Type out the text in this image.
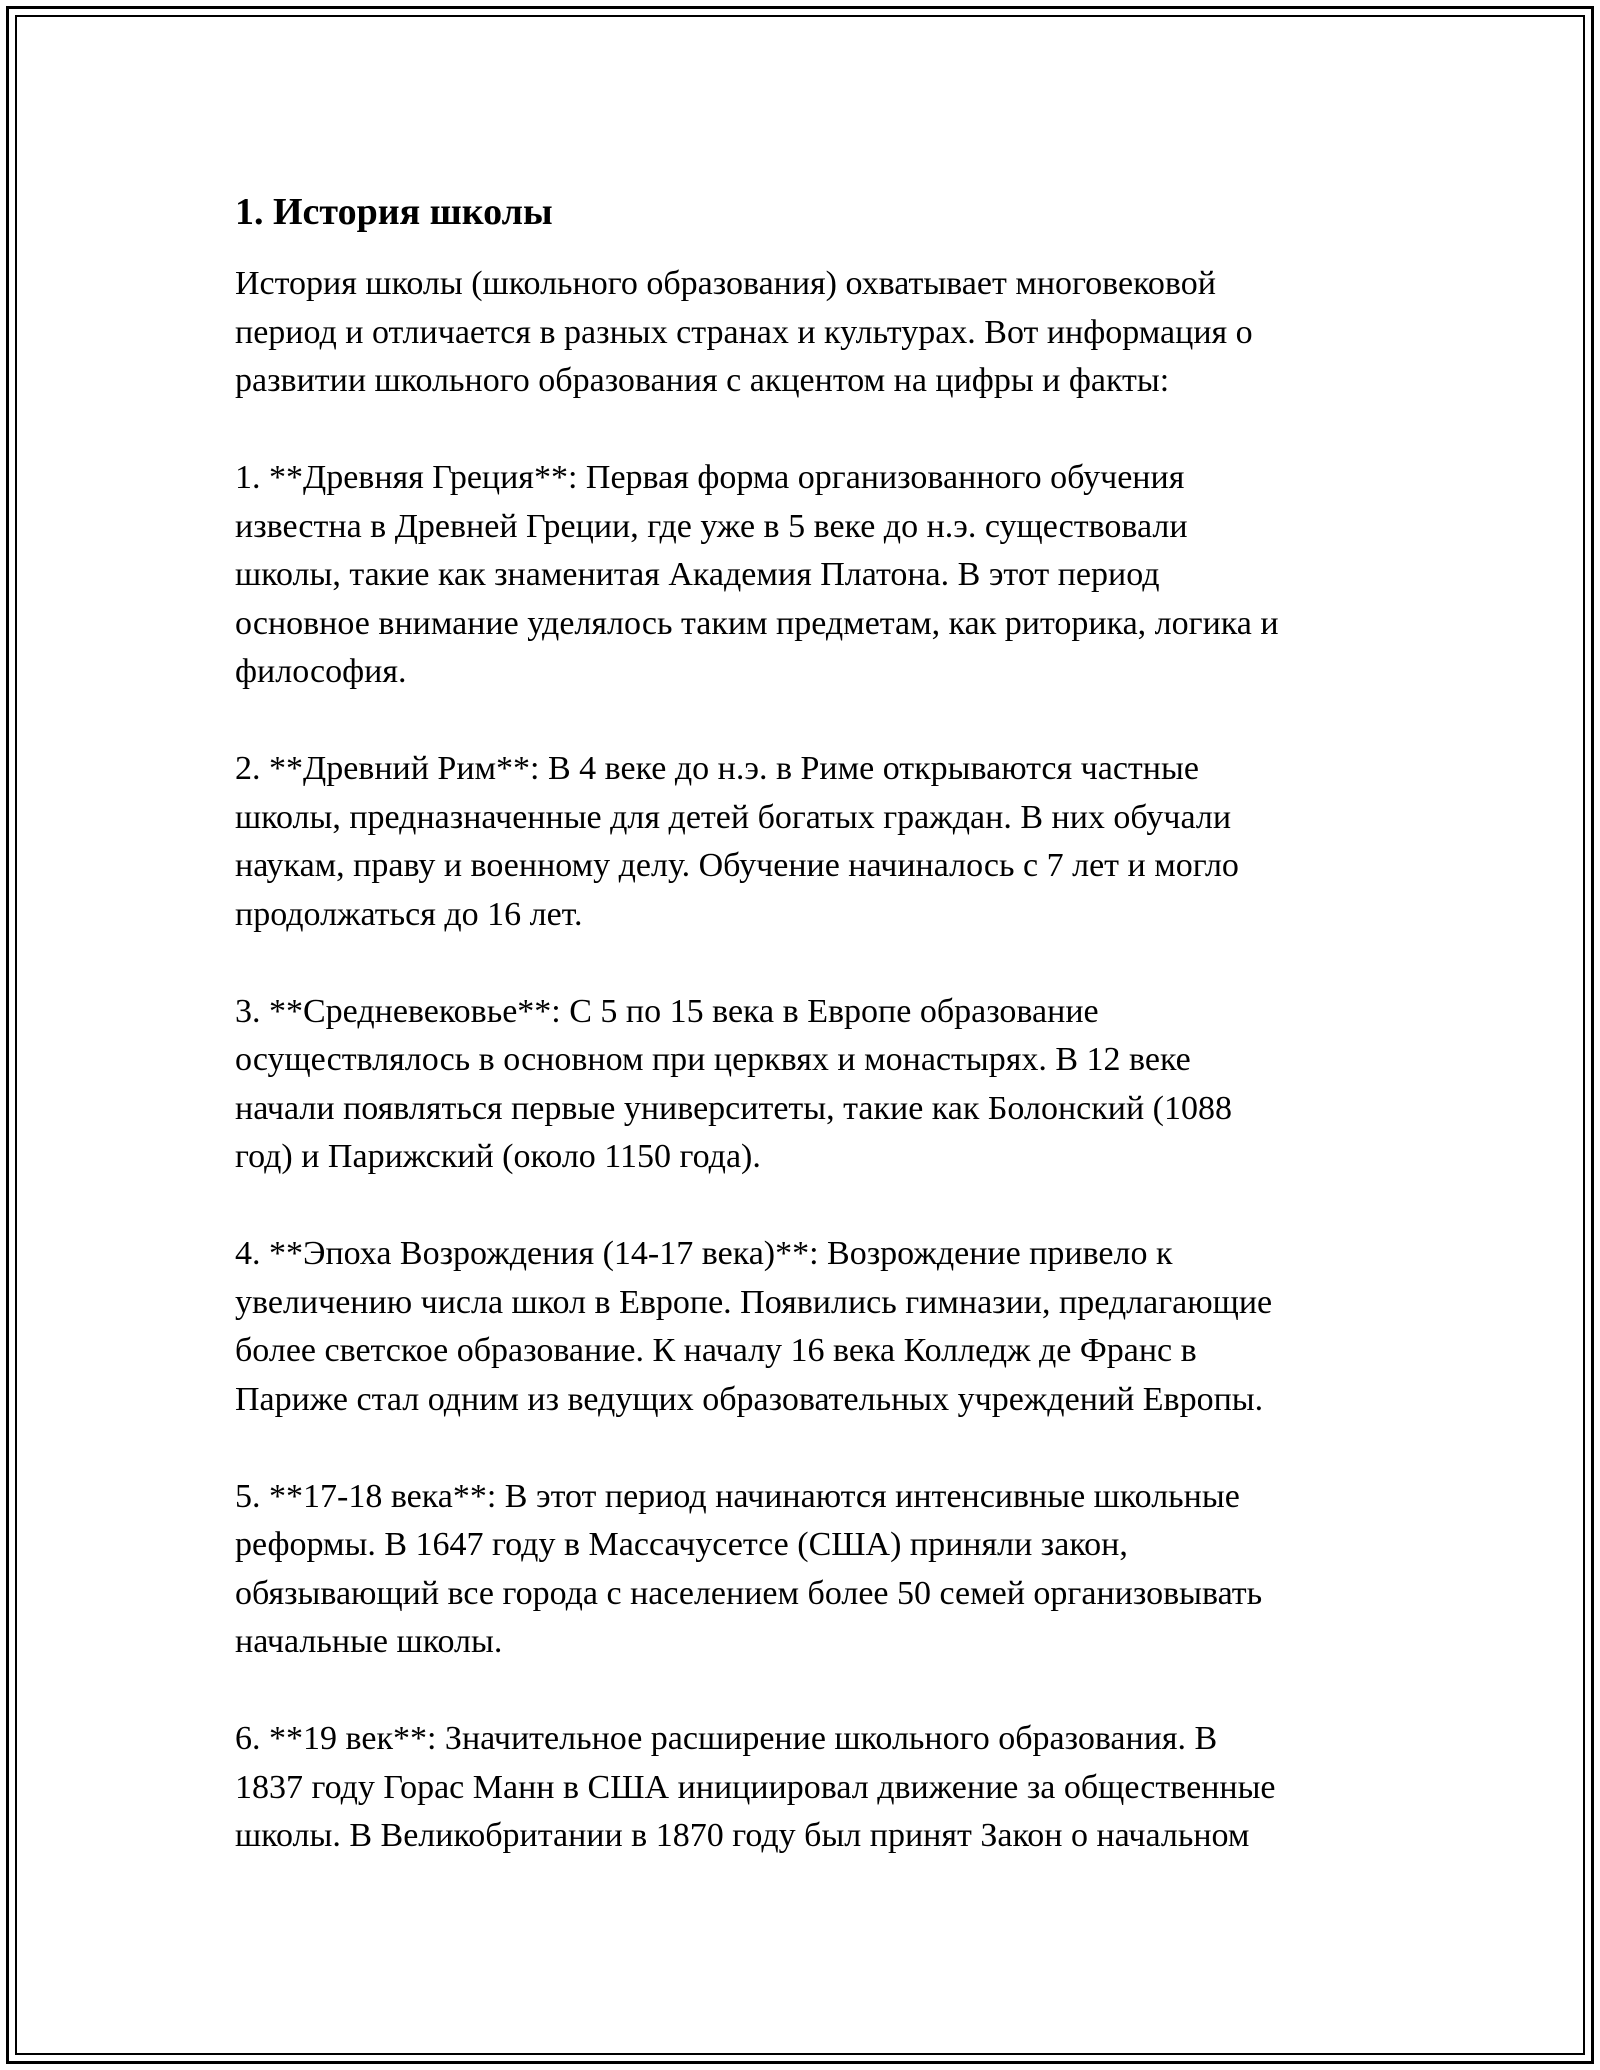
1. История школы
История школы (школьного образования) охватывает многовековой
период и отличается в разных странах и культурах. Вот информация о
развитии школьного образования с акцентом на цифры и факты:
1. **Древняя Греция**: Первая форма организованного обучения
известна в Древней Греции, где уже в 5 веке до н.э. существовали
школы, такие как знаменитая Академия Платона. В этот период
основное внимание уделялось таким предметам, как риторика, логика и
философия.
2. **Древний Рим**: В 4 веке до н.э. в Риме открываются частные
школы, предназначенные для детей богатых граждан. В них обучали
наукам, праву и военному делу. Обучение начиналось с 7 лет и могло
продолжаться до 16 лет.
3. **Средневековье**: С 5 по 15 века в Европе образование
осуществлялось в основном при церквях и монастырях. В 12 веке
начали появляться первые университеты, такие как Болонский (1088
год) и Парижский (около 1150 года).
4. **Эпоха Возрождения (14-17 века)**: Возрождение привело к
увеличению числа школ в Европе. Появились гимназии, предлагающие
более светское образование. К началу 16 века Колледж де Франс в
Париже стал одним из ведущих образовательных учреждений Европы.
5. **17-18 века**: В этот период начинаются интенсивные школьные
реформы. В 1647 году в Массачусетсе (США) приняли закон,
обязывающий все города с населением более 50 семей организовывать
начальные школы.
6. **19 век**: Значительное расширение школьного образования. В
1837 году Горас Манн в США инициировал движение за общественные
школы. В Великобритании в 1870 году был принят Закон о начальном
